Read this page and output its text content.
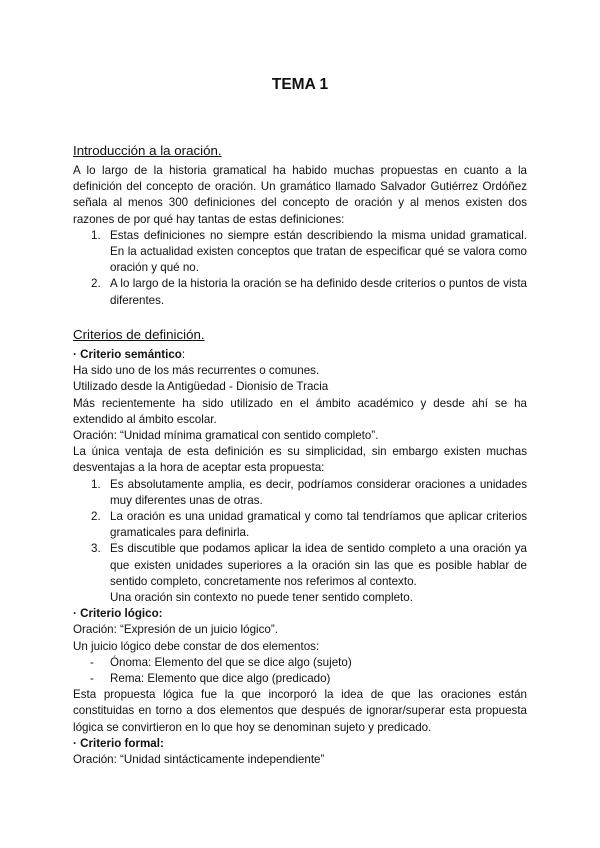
TEMA 1
Introducción a la oración.

A lo largo de la historia gramatical ha habido muchas propuestas en cuanto a la definición del concepto de oración. Un gramático llamado Salvador Gutiérrez Ordóñez señala al menos 300 definiciones del concepto de oración y al menos existen dos razones de por qué hay tantas de estas definiciones:

1. Estas definiciones no siempre están describiendo la misma unidad gramatical. En la actualidad existen conceptos que tratan de especificar qué se valora como oración y qué no.
2. A lo largo de la historia la oración se ha definido desde criterios o puntos de vista diferentes.
Criterios de definición.

· Criterio semántico:

Ha sido uno de los más recurrentes o comunes.

Utilizado desde la Antigüedad - Dionisio de Tracia

Más recientemente ha sido utilizado en el ámbito académico y desde ahí se ha extendido al ámbito escolar.

Oración: “Unidad mínima gramatical con sentido completo”.

La única ventaja de esta definición es su simplicidad, sin embargo existen muchas desventajas a la hora de aceptar esta propuesta:

1. Es absolutamente amplia, es decir, podríamos considerar oraciones a unidades muy diferentes unas de otras.
2. La oración es una unidad gramatical y como tal tendríamos que aplicar criterios gramaticales para definirla.
3. Es discutible que podamos aplicar la idea de sentido completo a una oración ya que existen unidades superiores a la oración sin las que es posible hablar de sentido completo, concretamente nos referimos al contexto.
Una oración sin contexto no puede tener sentido completo.

· Criterio lógico:

Oración: “Expresión de un juicio lógico”.

Un juicio lógico debe constar de dos elementos:

- Ónoma: Elemento del que se dice algo (sujeto)
- Rema: Elemento que dice algo (predicado)

Esta propuesta lógica fue la que incorporó la idea de que las oraciones están constituidas en torno a dos elementos que después de ignorar/superar esta propuesta lógica se convirtieron en lo que hoy se denominan sujeto y predicado.

· Criterio formal:

Oración: “Unidad sintácticamente independiente”
